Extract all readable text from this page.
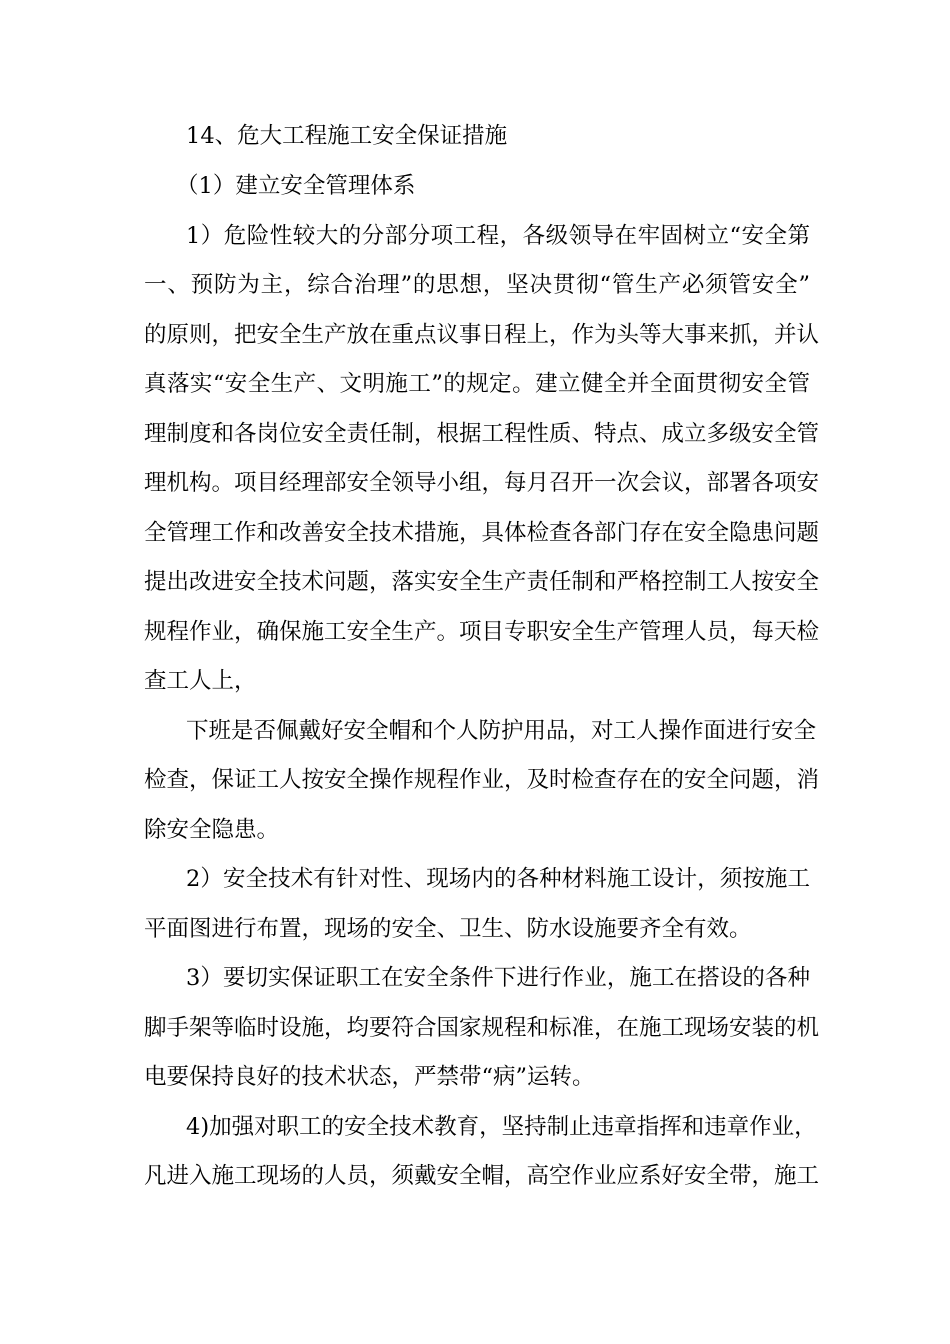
14、危大工程施工安全保证措施
（1）建立安全管理体系
1）危险性较大的分部分项工程，各级领导在牢固树立“安全第
一、预防为主，综合治理”的思想，坚决贯彻“管生产必须管安全”
的原则，把安全生产放在重点议事日程上，作为头等大事来抓，并认
真落实“安全生产、文明施工”的规定。建立健全并全面贯彻安全管
理制度和各岗位安全责任制，根据工程性质、特点、成立多级安全管
理机构。项目经理部安全领导小组，每月召开一次会议，部署各项安
全管理工作和改善安全技术措施，具体检查各部门存在安全隐患问题
提出改进安全技术问题，落实安全生产责任制和严格控制工人按安全
规程作业，确保施工安全生产。项目专职安全生产管理人员，每天检
查工人上，
下班是否佩戴好安全帽和个人防护用品，对工人操作面进行安全
检查，保证工人按安全操作规程作业，及时检查存在的安全问题，消
除安全隐患。
2）安全技术有针对性、现场内的各种材料施工设计，须按施工
平面图进行布置，现场的安全、卫生、防水设施要齐全有效。
3）要切实保证职工在安全条件下进行作业，施工在搭设的各种
脚手架等临时设施，均要符合国家规程和标准，在施工现场安装的机
电要保持良好的技术状态，严禁带“病”运转。
4)加强对职工的安全技术教育，坚持制止违章指挥和违章作业，
凡进入施工现场的人员，须戴安全帽，高空作业应系好安全带，施工
